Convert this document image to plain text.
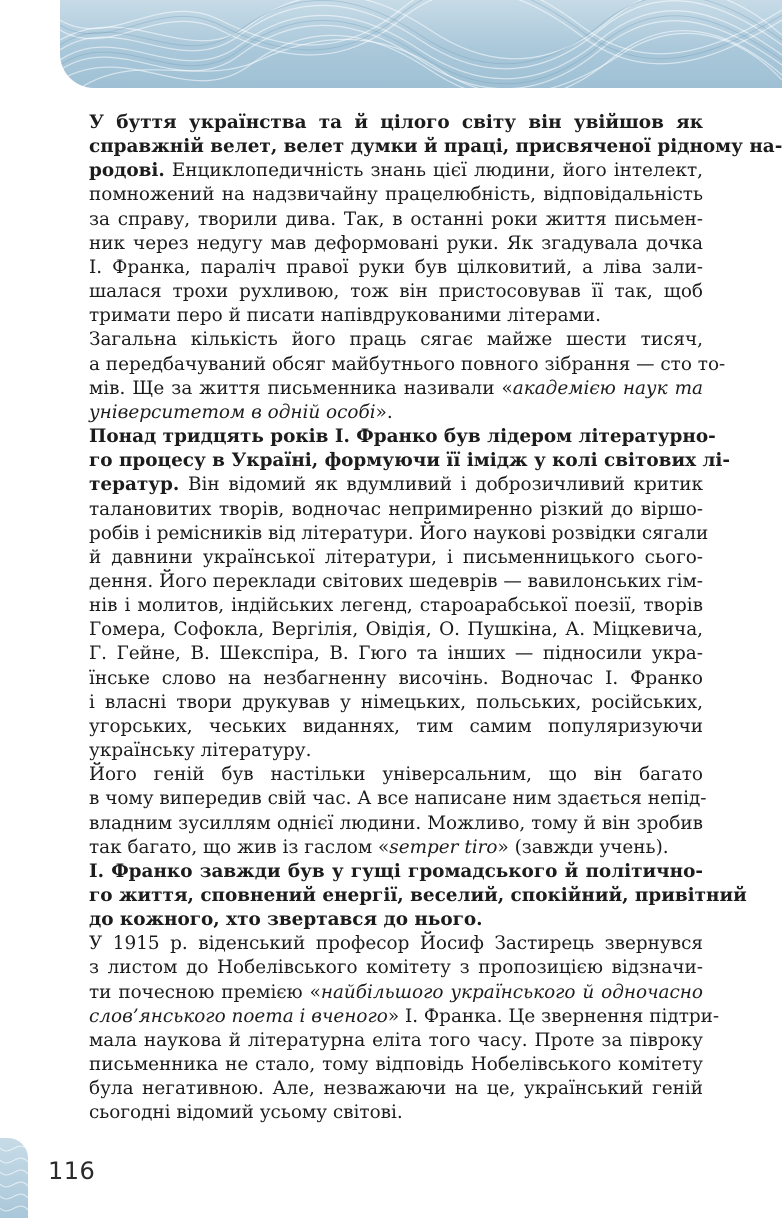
У буття українства та й цілого світу він увійшов як
справжній велет, велет думки й праці, присвяченої рідному на-
родові. Енциклопедичність знань цієї людини, його інтелект,
помножений на надзвичайну працелюбність, відповідальність
за справу, творили дива. Так, в останні роки життя письмен-
ник через недугу мав деформовані руки. Як згадувала дочка
І. Франка, параліч правої руки був цілковитий, а ліва зали-
шалася трохи рухливою, тож він пристосовував її так, щоб
тримати перо й писати напівдрукованими літерами.

Загальна кількість його праць сягає майже шести тисяч,
а передбачуваний обсяг майбутнього повного зібрання — сто то-
мів. Ще за життя письменника називали «академією наук та
університетом в одній особі».

Понад тридцять років І. Франко був лідером літературно-
го процесу в Україні, формуючи її імідж у колі світових лі-
тератур. Він відомий як вдумливий і доброзичливий критик
талановитих творів, водночас непримиренно різкий до віршо-
робів і ремісників від літератури. Його наукові розвідки сягали
й давнини української літератури, і письменницького сього-
дення. Його переклади світових шедеврів — вавилонських гім-
нів і молитов, індійських легенд, староарабської поезії, творів
Гомера, Софокла, Вергілія, Овідія, О. Пушкіна, А. Міцкевича,
Г. Гейне, В. Шекспіра, В. Гюго та інших — підносили укра-
їнське слово на незбагненну височінь. Водночас І. Франко
і власні твори друкував у німецьких, польських, російських,
угорських, чеських виданнях, тим самим популяризуючи
українську літературу.

Його геній був настільки універсальним, що він багато
в чому випередив свій час. А все написане ним здається непід-
владним зусиллям однієї людини. Можливо, тому й він зробив
так багато, що жив із гаслом «semper tiro» (завжди учень).

І. Франко завжди був у гущі громадського й політично-
го життя, сповнений енергії, веселий, спокійний, привітний
до кожного, хто звертався до нього.

У 1915 р. віденський професор Йосиф Застирець звернувся
з листом до Нобелівського комітету з пропозицією відзначи-
ти почесною премією «найбільшого українського й одночасно
слов’янського поета і вченого» І. Франка. Це звернення підтри-
мала наукова й літературна еліта того часу. Проте за півроку
письменника не стало, тому відповідь Нобелівського комітету
була негативною. Але, незважаючи на це, український геній
сьогодні відомий усьому світові.

116
